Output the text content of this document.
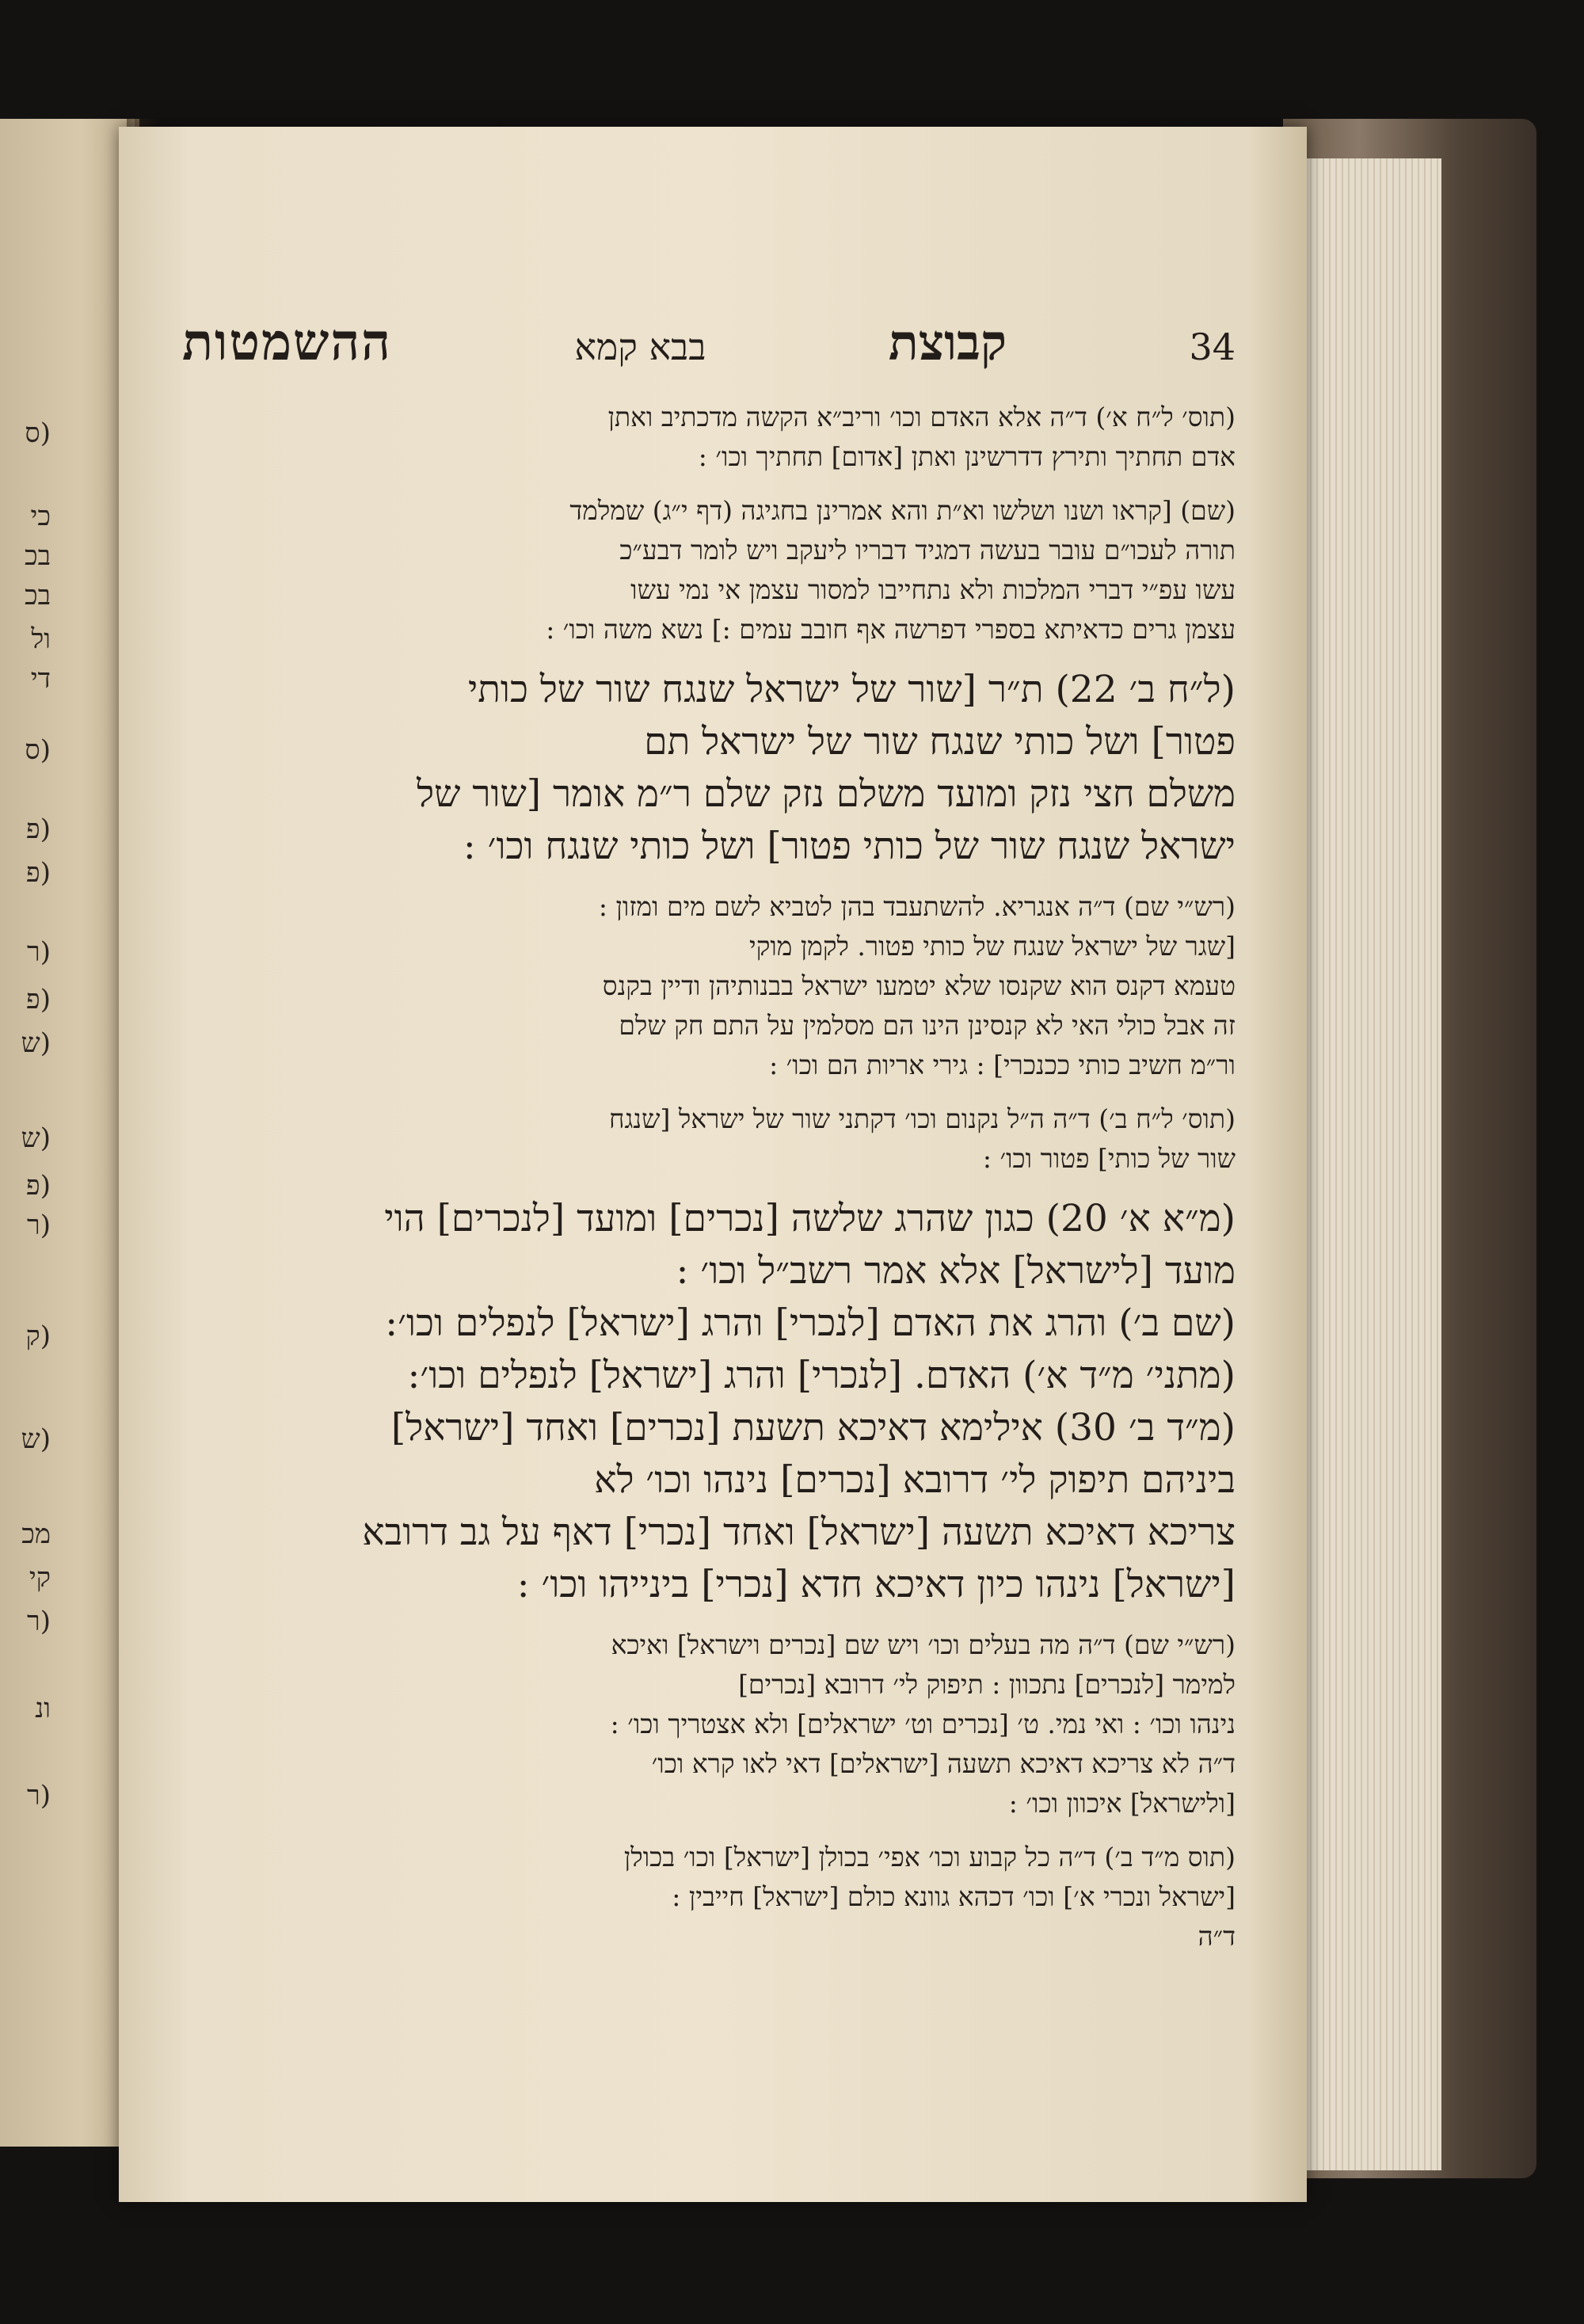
(ס
כי
בכ
בכ
ול
די
(ס
(פ
(פ
(ר
(פ
(ש
(ש
(פ
(ר
(ק
(ש
מכ
קי
(ר
ונ
(ר
ההשמטות	בבא קמא	קבוצת	34
(תוס׳ ל״ח א׳) ד״ה אלא האדם וכו׳ וריב״א הקשה מדכתיב ואתן
אדם תחתיך ותירץ דדרשינן ואתן [אדום] תחתיך וכו׳ :
(שם) [קראו ושנו ושלשו וא״ת והא אמרינן בחגיגה (דף י״ג) שמלמד
תורה לעכו״ם עובר בעשה דמגיד דבריו ליעקב ויש לומר דבע״כ
עשו עפ״י דברי המלכות ולא נתחייבו למסור עצמן אי נמי עשו
עצמן גרים כדאיתא בספרי דפרשה אף חובב עמים :] נשא משה וכו׳ :
(ל״ח ב׳ 22) ת״ר [שור של ישראל שנגח שור של כותי
פטור] ושל כותי שנגח שור של ישראל תם
משלם חצי נזק ומועד משלם נזק שלם ר״מ אומר [שור של
ישראל שנגח שור של כותי פטור] ושל כותי שנגח וכו׳ :
(רש״י שם) ד״ה אנגריא. להשתעבד בהן לטביא לשם מים ומזון :
[שגר של ישראל שנגח של כותי פטור. לקמן מוקי
טעמא דקנס הוא שקנסו שלא יטמעו ישראל בבנותיהן ודיין בקנס
זה אבל כולי האי לא קנסינן הינו הם מסלמין על התם חק שלם
ור״מ חשיב כותי ככנכרי] : גירי אריות הם וכו׳ :
(תוס׳ ל״ח ב׳) ד״ה ה״ל נקנום וכו׳ דקתני שור של ישראל [שנגח
שור של כותי] פטור וכו׳ :
(מ״א א׳ 20) כגון שהרג שלשה [נכרים] ומועד [לנכרים] הוי
מועד [לישראל] אלא אמר רשב״ל וכו׳ :
(שם ב׳) והרג את האדם [לנכרי] והרג [ישראל] לנפלים וכו׳:
(מתני׳ מ״ד א׳) האדם. [לנכרי] והרג [ישראל] לנפלים וכו׳:
(מ״ד ב׳ 30) אילימא דאיכא תשעת [נכרים] ואחד [ישראל]
ביניהם תיפוק לי׳ דרובא [נכרים] נינהו וכו׳ לא
צריכא דאיכא תשעה [ישראל] ואחד [נכרי] דאף על גב דרובא
[ישראל] נינהו כיון דאיכא חדא [נכרי] בינייהו וכו׳ :
(רש״י שם) ד״ה מה בעלים וכו׳ ויש שם [נכרים וישראל] ואיכא
למימר [לנכרים] נתכוון : תיפוק לי׳ דרובא [נכרים]
נינהו וכו׳ : ואי נמי. ט׳ [נכרים וט׳ ישראלים] ולא אצטריך וכו׳ :
ד״ה לא צריכא דאיכא תשעה [ישראלים] דאי לאו קרא וכו׳
[ולישראל] איכוון וכו׳ :
(תוס מ״ד ב׳) ד״ה כל קבוע וכו׳ אפי׳ בכולן [ישראל] וכו׳ בכולן
[ישראל ונכרי א׳] וכו׳ דכהא גוונא כולם [ישראל] חייבין :
ד״ה
